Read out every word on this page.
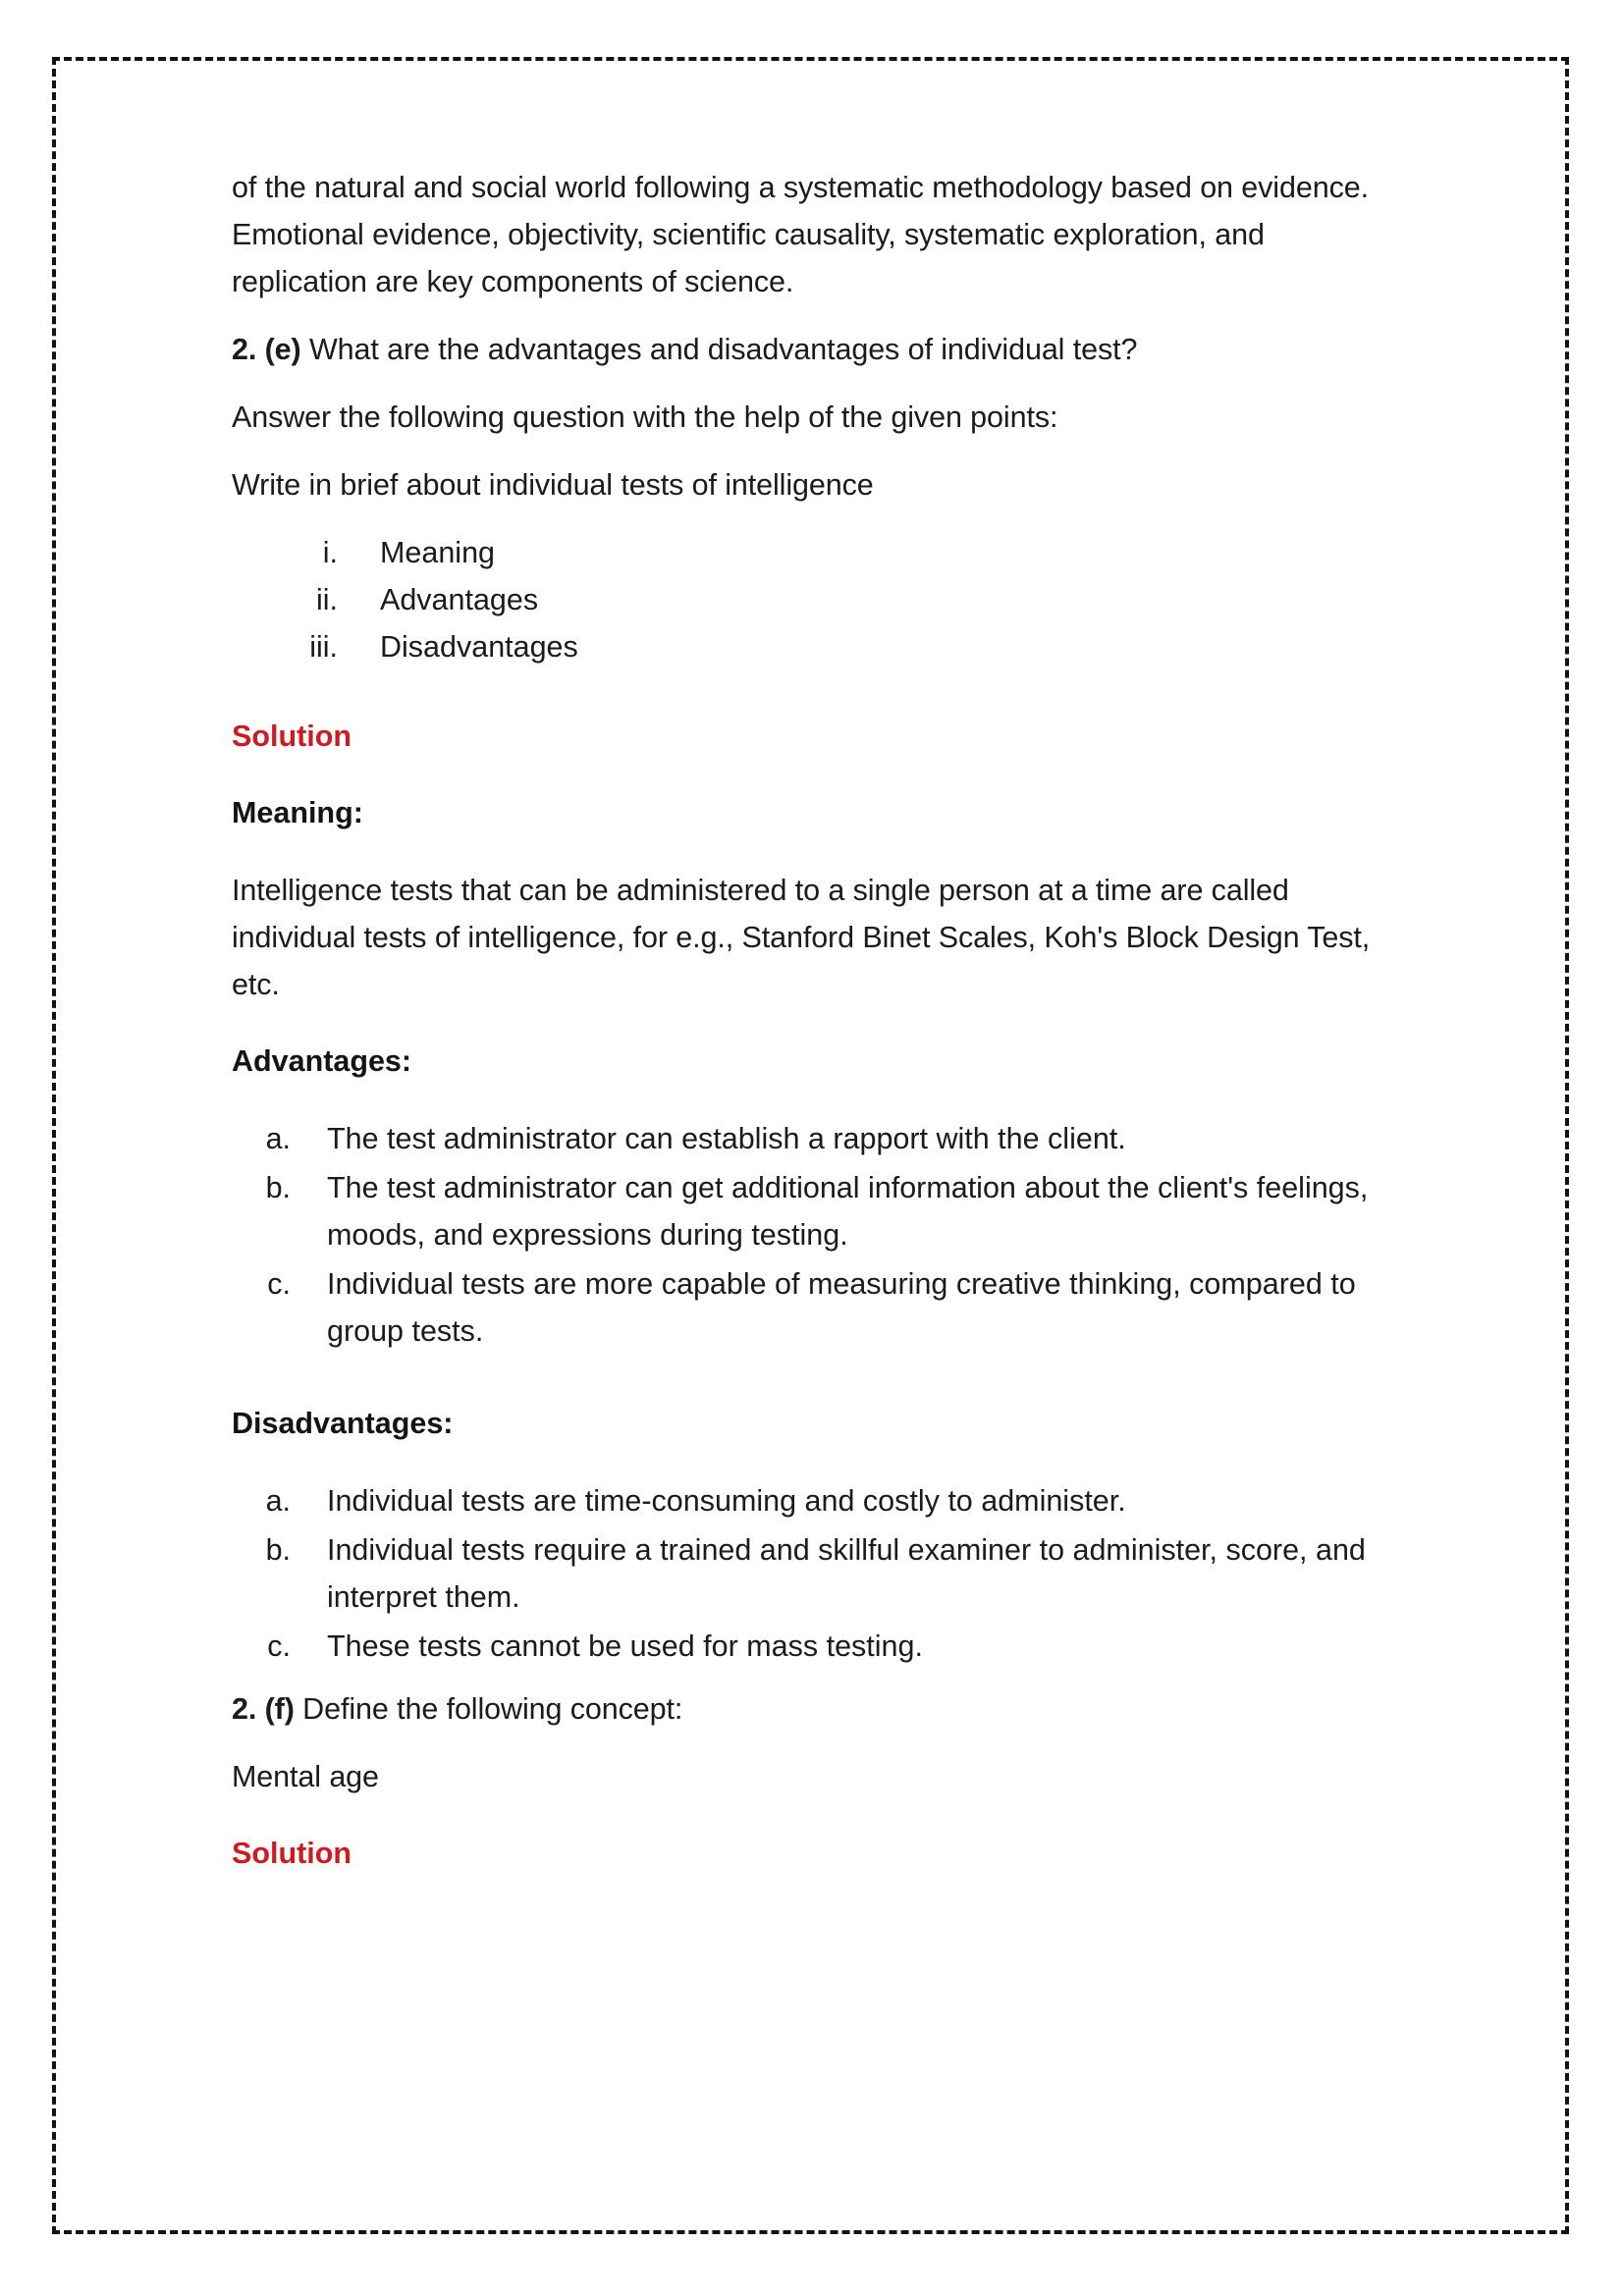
of the natural and social world following a systematic methodology based on evidence. Emotional evidence, objectivity, scientific causality, systematic exploration, and replication are key components of science.

2. (e) What are the advantages and disadvantages of individual test?

Answer the following question with the help of the given points:

Write in brief about individual tests of intelligence

i. Meaning
ii. Advantages
iii. Disadvantages

Solution

Meaning:

Intelligence tests that can be administered to a single person at a time are called individual tests of intelligence, for e.g., Stanford Binet Scales, Koh's Block Design Test, etc.

Advantages:

a. The test administrator can establish a rapport with the client.
b. The test administrator can get additional information about the client's feelings, moods, and expressions during testing.
c. Individual tests are more capable of measuring creative thinking, compared to group tests.

Disadvantages:

a. Individual tests are time-consuming and costly to administer.
b. Individual tests require a trained and skillful examiner to administer, score, and interpret them.
c. These tests cannot be used for mass testing.

2. (f) Define the following concept:

Mental age

Solution
